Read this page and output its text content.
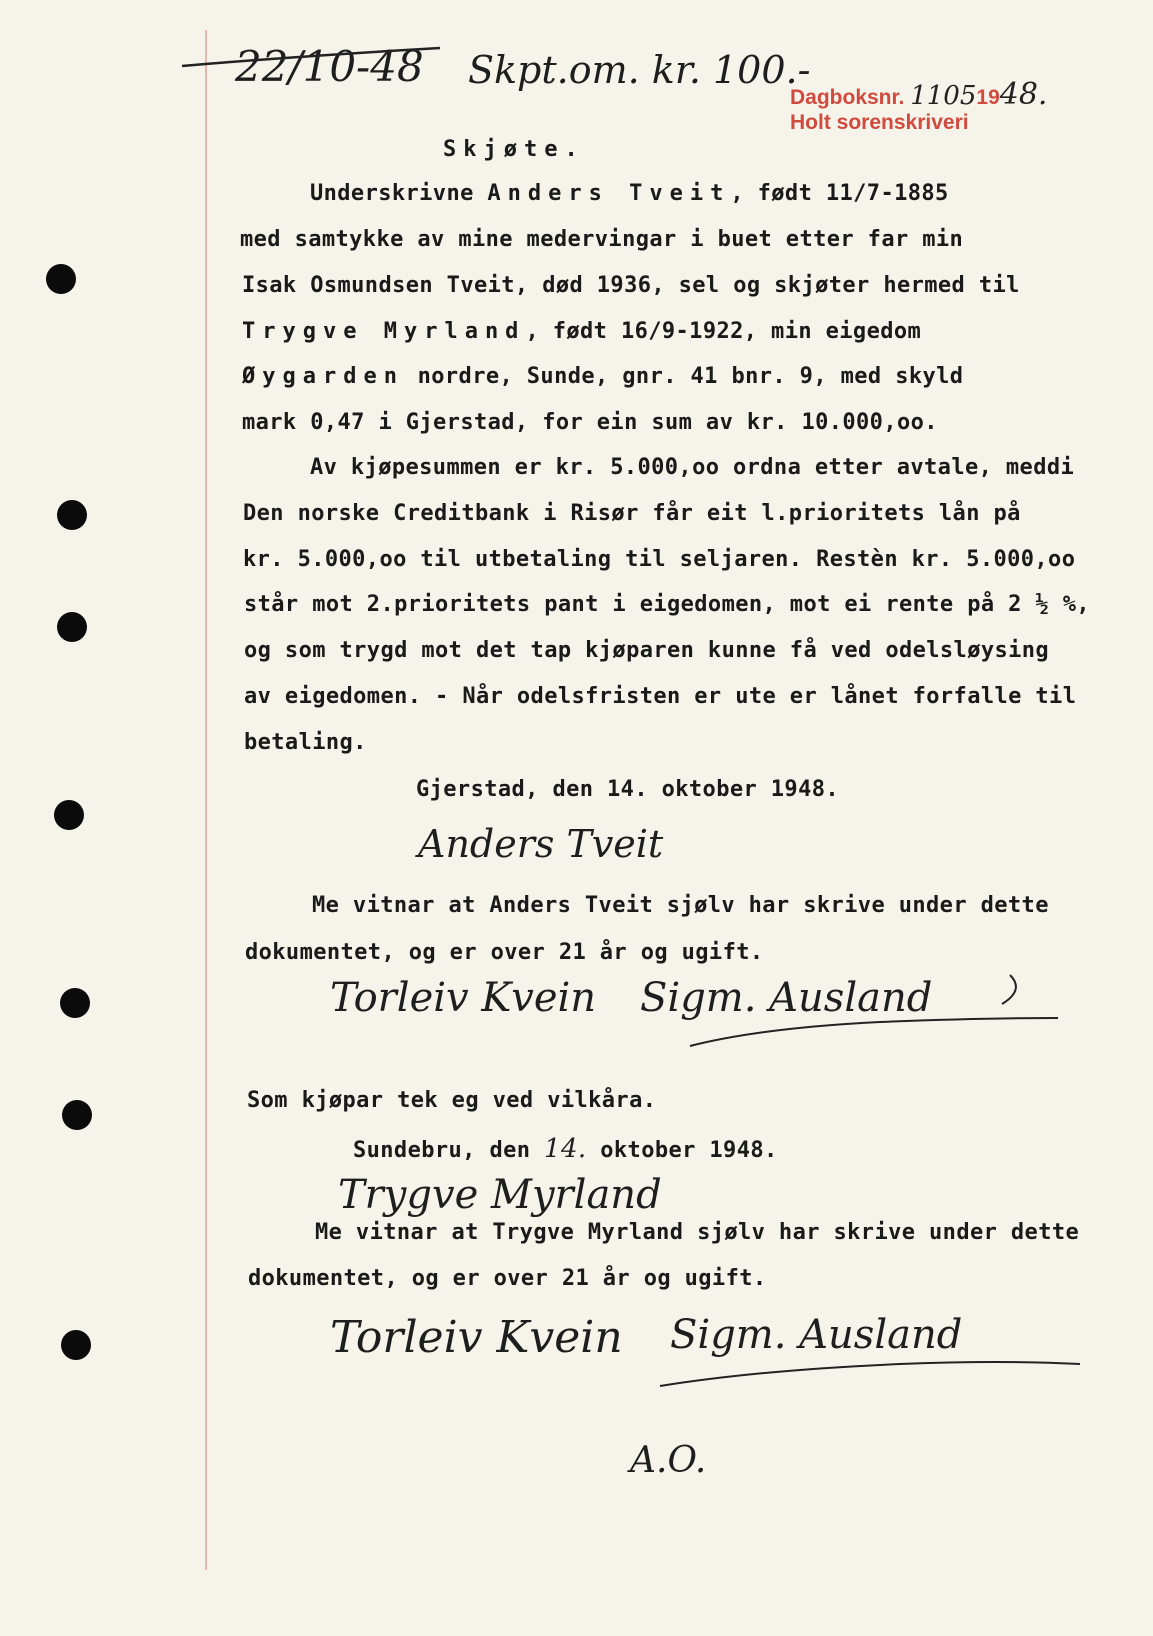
22/10-48 Skpt.om. kr. 100.-
Dagboksnr. 11051948.
Holt sorenskriveri
Skjøte.
Underskrivne Anders Tveit, født 11/7-1885
med samtykke av mine medervingar i buet etter far min
Isak Osmundsen Tveit, død 1936, sel og skjøter hermed til
Trygve Myrland, født 16/9-1922, min eigedom
Øygarden nordre, Sunde, gnr. 41 bnr. 9, med skyld
mark 0,47 i Gjerstad, for ein sum av kr. 10.000,oo.
Av kjøpesummen er kr. 5.000,oo ordna etter avtale, meddi
Den norske Creditbank i Risør får eit l.prioritets lån på
kr. 5.000,oo til utbetaling til seljaren. Restèn kr. 5.000,oo
står mot 2.prioritets pant i eigedomen, mot ei rente på 2 ½ %,
og som trygd mot det tap kjøparen kunne få ved odelsløysing
av eigedomen. - Når odelsfristen er ute er lånet forfalle til
betaling.
Gjerstad, den 14. oktober 1948.
Anders Tveit
Me vitnar at Anders Tveit sjølv har skrive under dette
dokumentet, og er over 21 år og ugift.
Torleiv Kvein Sigm. Ausland
Som kjøpar tek eg ved vilkåra.
Sundebru, den 14. oktober 1948.
Trygve Myrland
Me vitnar at Trygve Myrland sjølv har skrive under dette
dokumentet, og er over 21 år og ugift.
Torleiv Kvein Sigm. Ausland
A.O.
